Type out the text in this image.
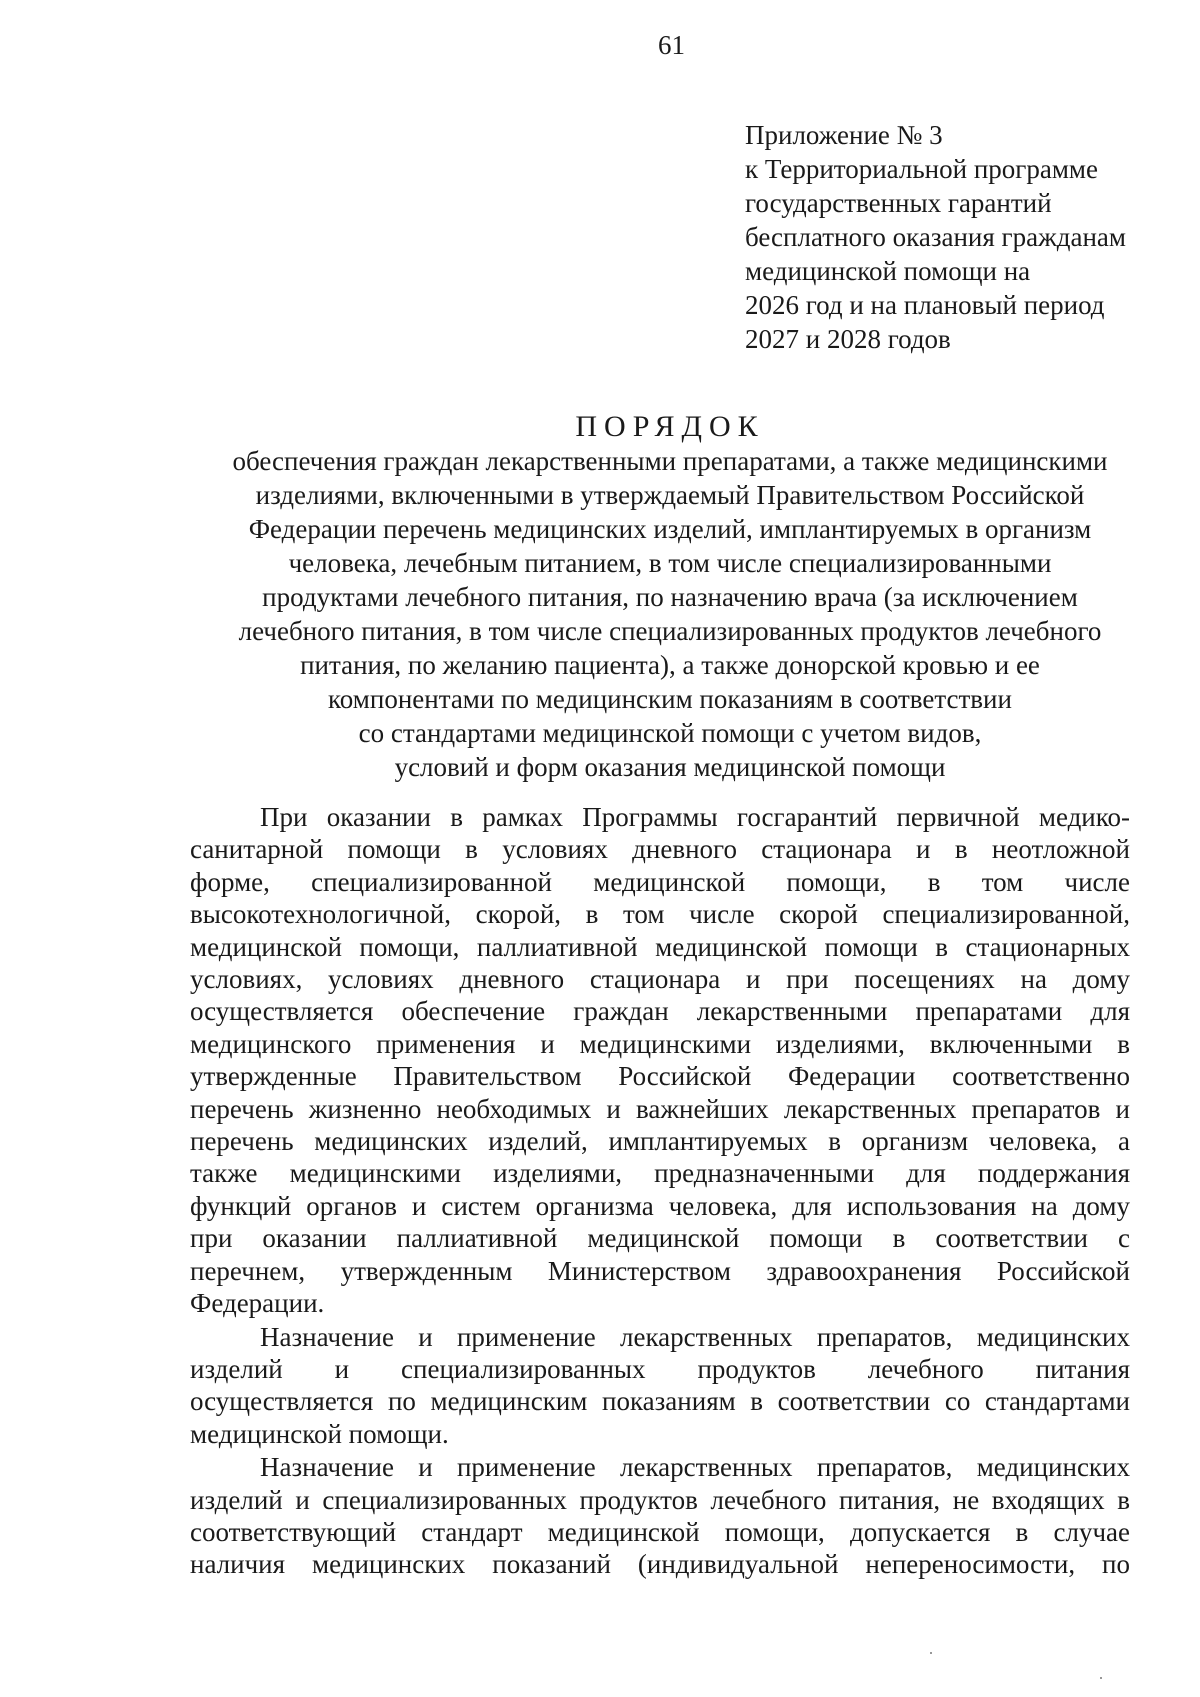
61
Приложение № 3
к Территориальной программе
государственных гарантий
бесплатного оказания гражданам
медицинской помощи на
2026 год и на плановый период
2027 и 2028 годов
ПОРЯДОК
обеспечения граждан лекарственными препаратами, а также медицинскими
изделиями, включенными в утверждаемый Правительством Российской
Федерации перечень медицинских изделий, имплантируемых в организм
человека, лечебным питанием, в том числе специализированными
продуктами лечебного питания, по назначению врача (за исключением
лечебного питания, в том числе специализированных продуктов лечебного
питания, по желанию пациента), а также донорской кровью и ее
компонентами по медицинским показаниям в соответствии
со стандартами медицинской помощи с учетом видов,
условий и форм оказания медицинской помощи
При оказании в рамках Программы госгарантий первичной медико-
санитарной помощи в условиях дневного стационара и в неотложной
форме, специализированной медицинской помощи, в том числе
высокотехнологичной, скорой, в том числе скорой специализированной,
медицинской помощи, паллиативной медицинской помощи в стационарных
условиях, условиях дневного стационара и при посещениях на дому
осуществляется обеспечение граждан лекарственными препаратами для
медицинского применения и медицинскими изделиями, включенными в
утвержденные Правительством Российской Федерации соответственно
перечень жизненно необходимых и важнейших лекарственных препаратов и
перечень медицинских изделий, имплантируемых в организм человека, а
также медицинскими изделиями, предназначенными для поддержания
функций органов и систем организма человека, для использования на дому
при оказании паллиативной медицинской помощи в соответствии с
перечнем, утвержденным Министерством здравоохранения Российской
Федерации.
Назначение и применение лекарственных препаратов, медицинских
изделий и специализированных продуктов лечебного питания
осуществляется по медицинским показаниям в соответствии со стандартами
медицинской помощи.
Назначение и применение лекарственных препаратов, медицинских
изделий и специализированных продуктов лечебного питания, не входящих в
соответствующий стандарт медицинской помощи, допускается в случае
наличия медицинских показаний (индивидуальной непереносимости, по
